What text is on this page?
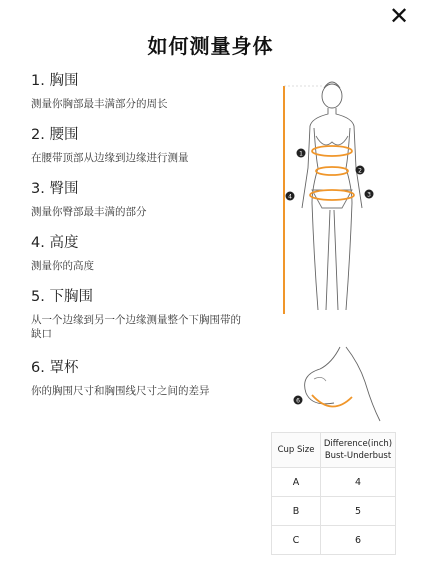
✕
如何测量身体

1. 胸围

测量你胸部最丰满部分的周长

2. 腰围

在腰带顶部从边缘到边缘进行测量

3. 臀围

测量你臀部最丰满的部分

4. 高度

测量你的高度

5. 下胸围

从一个边缘到另一个边缘测量整个下胸围带的缺口

6. 罩杯

你的胸围尺寸和胸围线尺寸之间的差异

1
2
3
4
6
Cup Size	Difference(inch)
Bust-Underbust
A	4
B	5
C	6
